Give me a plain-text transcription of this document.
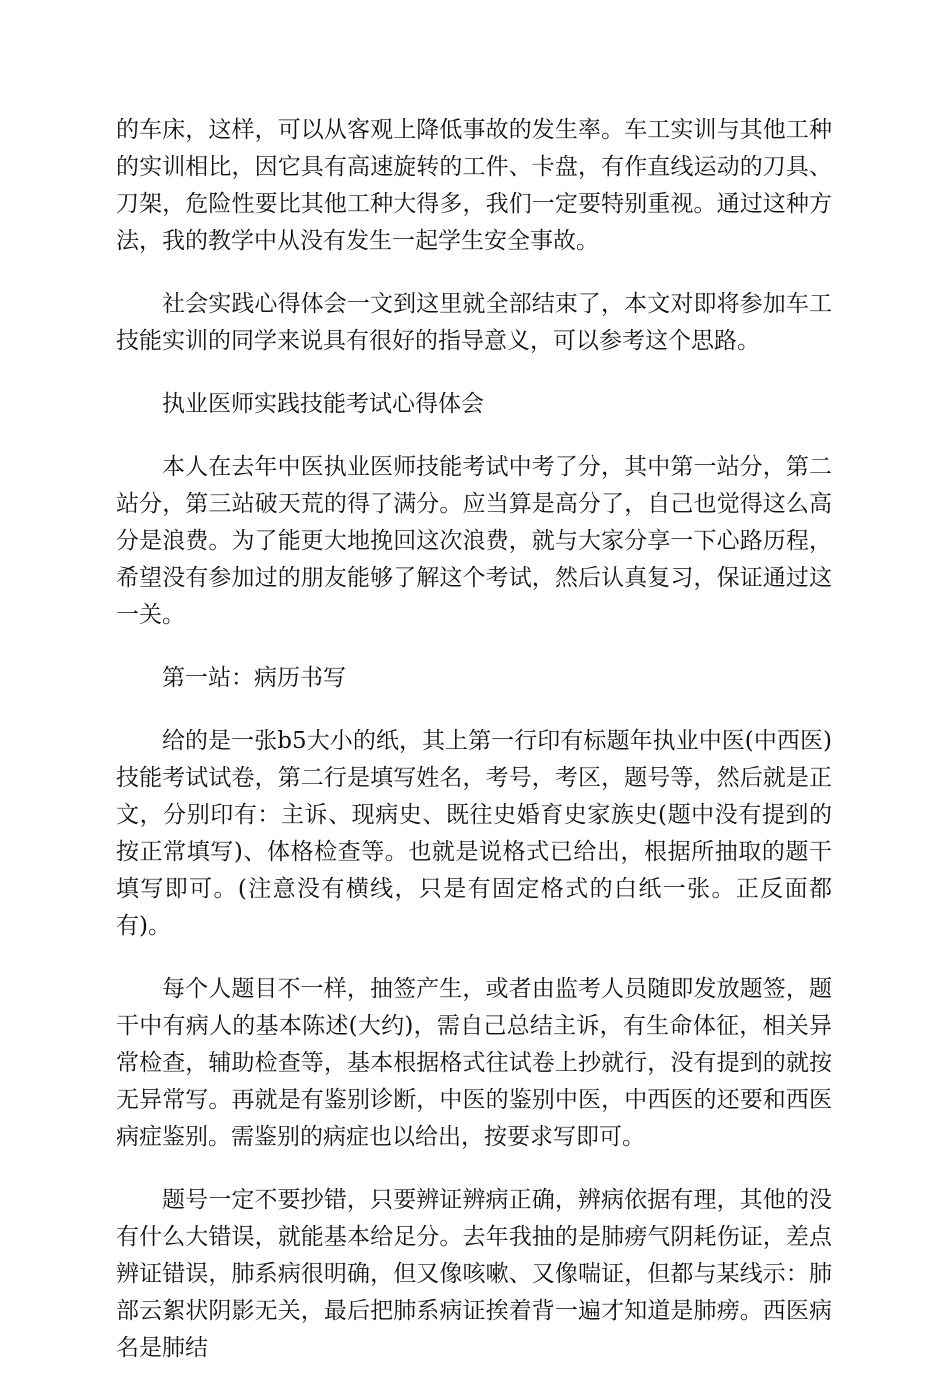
的车床，这样，可以从客观上降低事故的发生率。车工实训与其他工种的实训相比，因它具有高速旋转的工件、卡盘，有作直线运动的刀具、刀架，危险性要比其他工种大得多，我们一定要特别重视。通过这种方法，我的教学中从没有发生一起学生安全事故。

社会实践心得体会一文到这里就全部结束了，本文对即将参加车工技能实训的同学来说具有很好的指导意义，可以参考这个思路。

执业医师实践技能考试心得体会

本人在去年中医执业医师技能考试中考了分，其中第一站分，第二站分，第三站破天荒的得了满分。应当算是高分了，自己也觉得这么高分是浪费。为了能更大地挽回这次浪费，就与大家分享一下心路历程，希望没有参加过的朋友能够了解这个考试，然后认真复习，保证通过这一关。

第一站：病历书写

给的是一张b5大小的纸，其上第一行印有标题年执业中医(中西医)技能考试试卷，第二行是填写姓名，考号，考区，题号等，然后就是正文，分别印有：主诉、现病史、既往史婚育史家族史(题中没有提到的按正常填写)、体格检查等。也就是说格式已给出，根据所抽取的题干填写即可。(注意没有横线，只是有固定格式的白纸一张。正反面都有)。

每个人题目不一样，抽签产生，或者由监考人员随即发放题签，题干中有病人的基本陈述(大约)，需自己总结主诉，有生命体征，相关异常检查，辅助检查等，基本根据格式往试卷上抄就行，没有提到的就按无异常写。再就是有鉴别诊断，中医的鉴别中医，中西医的还要和西医病症鉴别。需鉴别的病症也以给出，按要求写即可。

题号一定不要抄错，只要辨证辨病正确，辨病依据有理，其他的没有什么大错误，就能基本给足分。去年我抽的是肺痨气阴耗伤证，差点辨证错误，肺系病很明确，但又像咳嗽、又像喘证，但都与某线示：肺部云絮状阴影无关，最后把肺系病证挨着背一遍才知道是肺痨。西医病名是肺结
